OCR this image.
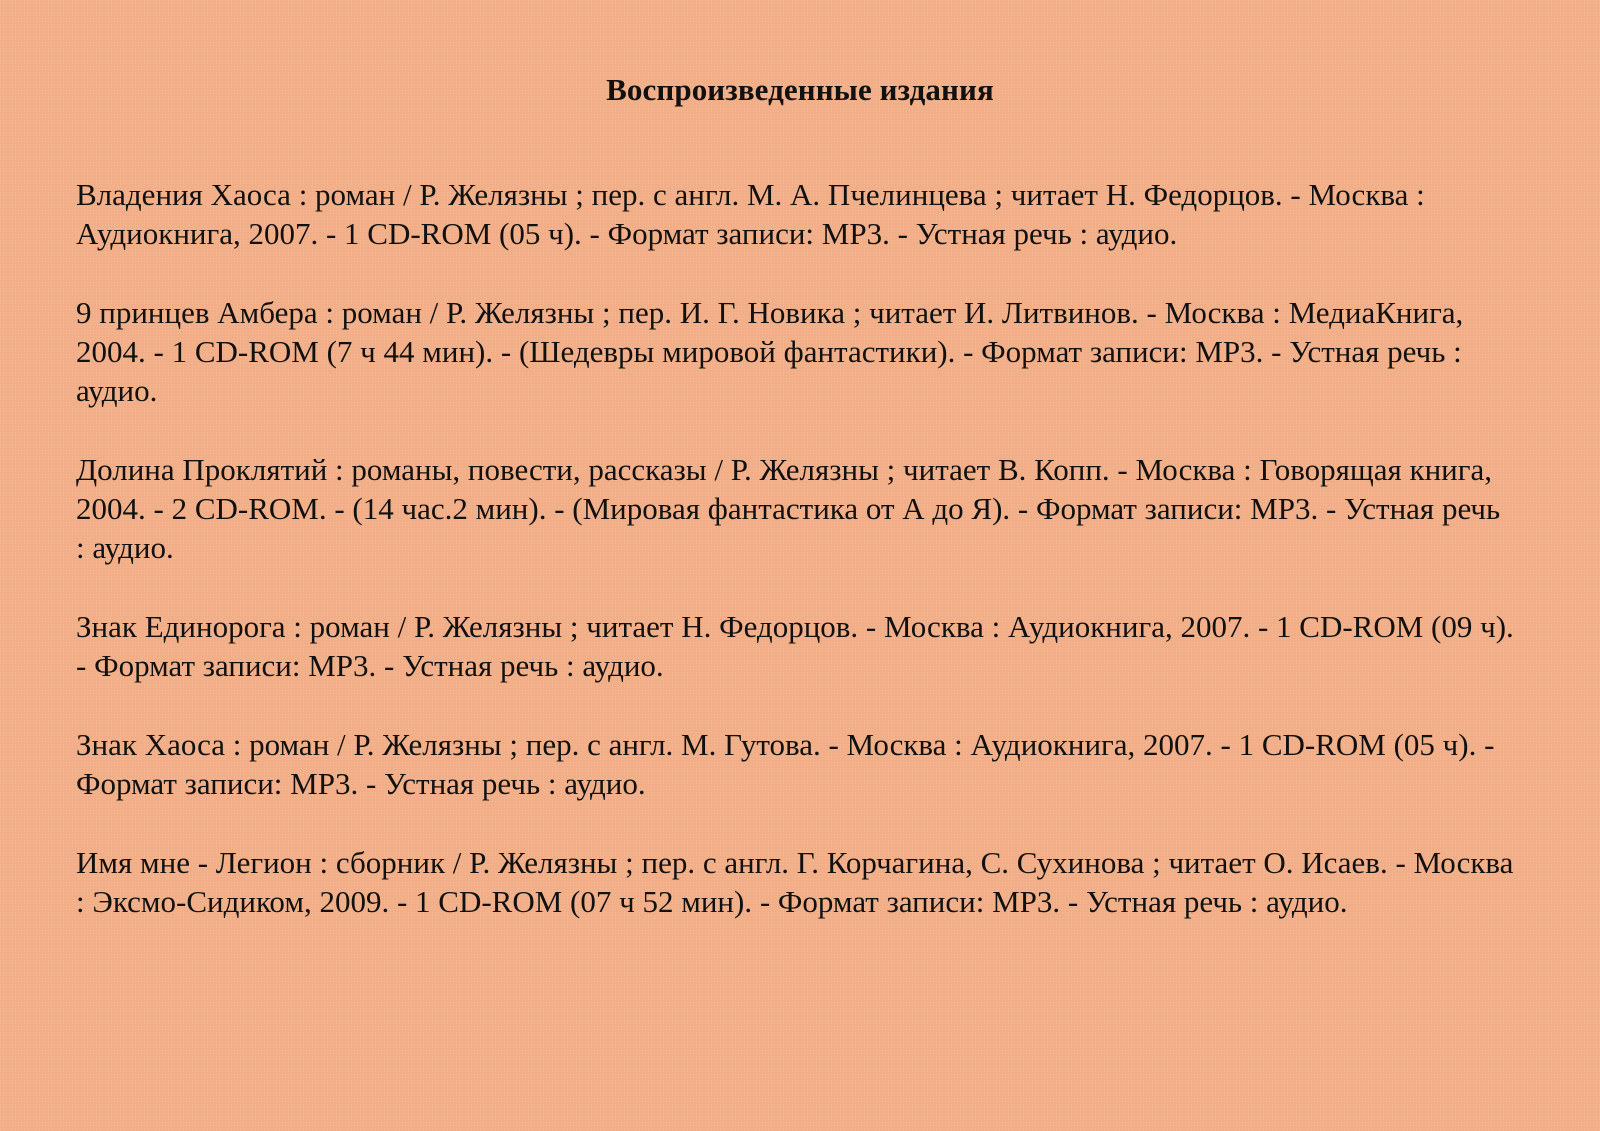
Воспроизведенные издания

Владения Хаоса : роман / Р. Желязны ; пер. с англ. М. А. Пчелинцева ; читает Н. Федорцов. - Москва : Аудиокнига, 2007. - 1 CD-ROM (05 ч). - Формат записи: MP3. - Устная речь : аудио.

9 принцев Амбера : роман / Р. Желязны ; пер. И. Г. Новика ; читает И. Литвинов. - Москва : МедиаКнига, 2004. - 1 CD-ROM (7 ч 44 мин). - (Шедевры мировой фантастики). - Формат записи: MP3. - Устная речь : аудио.

Долина Проклятий : романы, повести, рассказы / Р. Желязны ; читает В. Копп. - Москва : Говорящая книга, 2004. - 2 CD-ROM. - (14 час.2 мин). - (Мировая фантастика от А до Я). - Формат записи: MP3. - Устная речь : аудио.

Знак Единорога : роман / Р. Желязны ; читает Н. Федорцов. - Москва : Аудиокнига, 2007. - 1 CD-ROM (09 ч). - Формат записи: MP3. - Устная речь : аудио.

Знак Хаоса : роман / Р. Желязны ; пер. с англ. М. Гутова. - Москва : Аудиокнига, 2007. - 1 CD-ROM (05 ч). - Формат записи: MP3. - Устная речь : аудио.

Имя мне - Легион : сборник / Р. Желязны ; пер. с англ. Г. Корчагина, С. Сухинова ; читает О. Исаев. - Москва : Эксмо-Сидиком, 2009. - 1 CD-ROM (07 ч 52 мин). - Формат записи: MP3. - Устная речь : аудио.
